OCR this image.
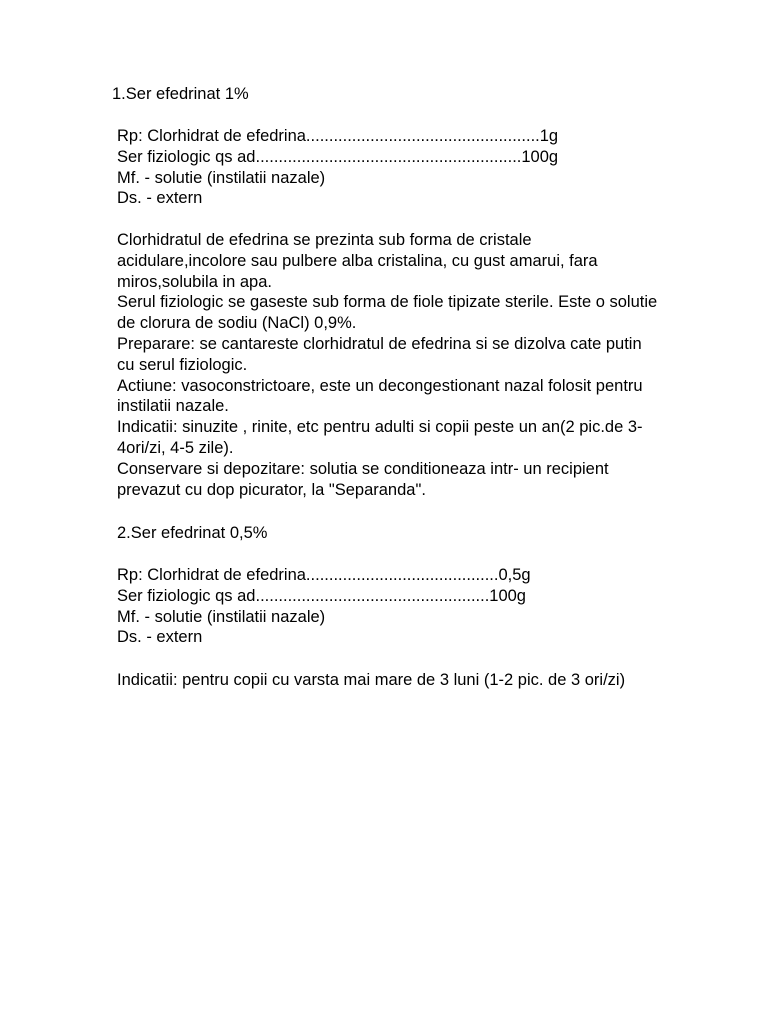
1.Ser efedrinat 1%

Rp: Clorhidrat de efedrina...................................................1g
Ser fiziologic qs ad..........................................................100g
Mf. - solutie (instilatii nazale)
Ds. - extern
Clorhidratul de efedrina se prezinta sub forma de cristale
acidulare,incolore sau pulbere alba cristalina, cu gust amarui, fara
miros,solubila in apa.
Serul fiziologic se gaseste sub forma de fiole tipizate sterile. Este o solutie
de clorura de sodiu (NaCl) 0,9%.
Preparare: se cantareste clorhidratul de efedrina si se dizolva cate putin
cu serul fiziologic.
Actiune: vasoconstrictoare, este un decongestionant nazal folosit pentru
instilatii nazale.
Indicatii: sinuzite , rinite, etc pentru adulti si copii peste un an(2 pic.de 3-
4ori/zi, 4-5 zile).
Conservare si depozitare: solutia se conditioneaza intr- un recipient
prevazut cu dop picurator, la "Separanda".

2.Ser efedrinat 0,5%

Rp: Clorhidrat de efedrina..........................................0,5g
Ser fiziologic qs ad...................................................100g
Mf. - solutie (instilatii nazale)
Ds. - extern

Indicatii: pentru copii cu varsta mai mare de 3 luni (1-2 pic. de 3 ori/zi)
